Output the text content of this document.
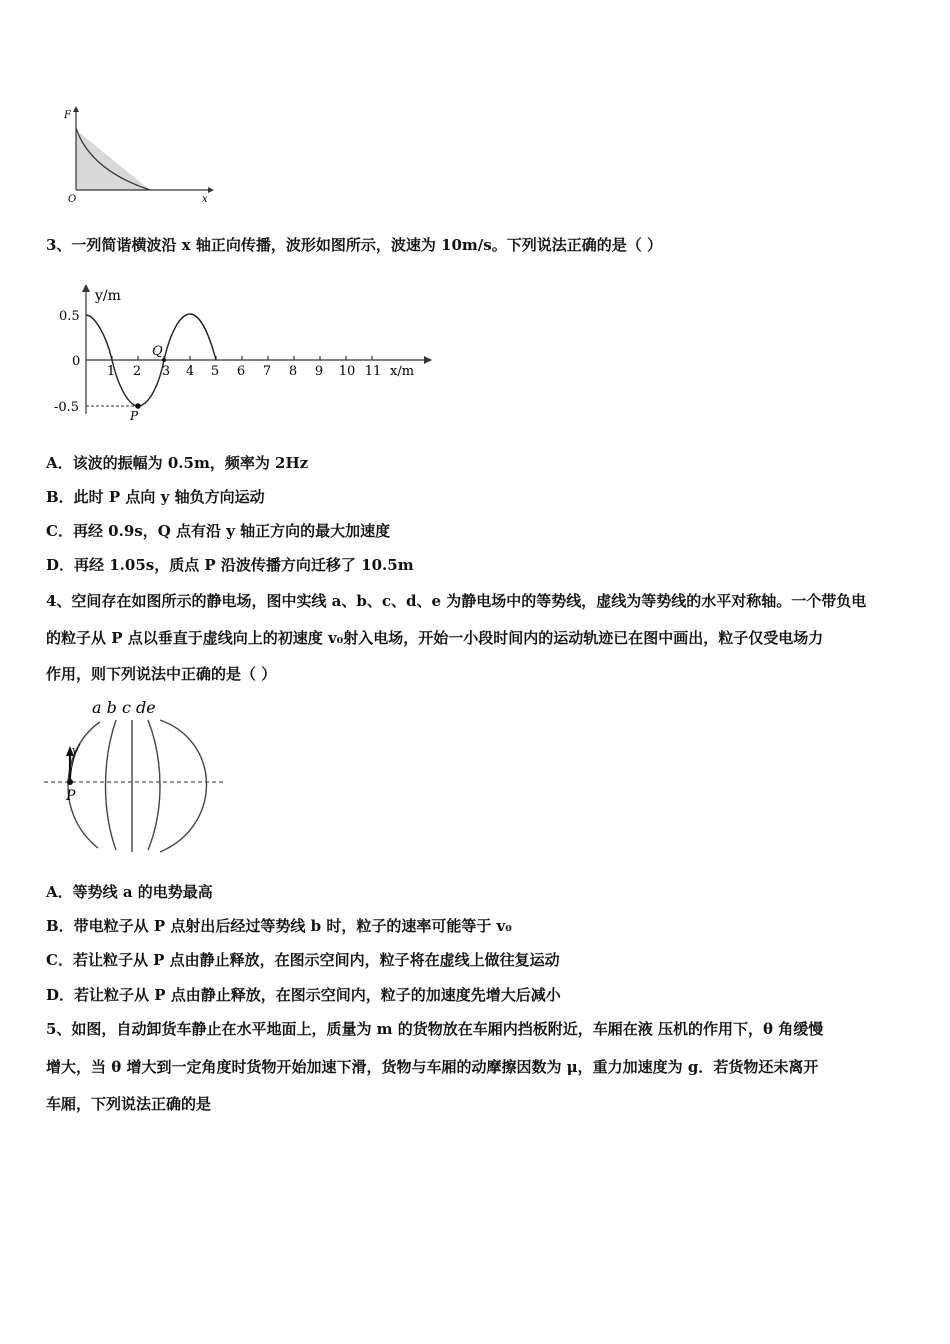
F
x
O
3、一列简谐横波沿 x 轴正向传播，波形如图所示，波速为 10m/s。下列说法正确的是（ ）
y/m
0.5
0
-0.5
1 2 3 4 5 6 7 8 9 10 11 x/m
Q
P
A．该波的振幅为 0.5m，频率为 2Hz
B．此时 P 点向 y 轴负方向运动
C．再经 0.9s，Q 点有沿 y 轴正方向的最大加速度
D．再经 1.05s，质点 P 沿波传播方向迁移了 10.5m
4、空间存在如图所示的静电场，图中实线 a、b、c、d、e 为静电场中的等势线，虚线为等势线的水平对称轴。一个带负电
的粒子从 P 点以垂直于虚线向上的初速度 v₀射入电场，开始一小段时间内的运动轨迹已在图中画出，粒子仅受电场力
作用，则下列说法中正确的是（ ）
a b c de
v
P
A．等势线 a 的电势最高
B．带电粒子从 P 点射出后经过等势线 b 时，粒子的速率可能等于 v₀
C．若让粒子从 P 点由静止释放，在图示空间内，粒子将在虚线上做往复运动
D．若让粒子从 P 点由静止释放，在图示空间内，粒子的加速度先增大后减小
5、如图，自动卸货车静止在水平地面上，质量为 m 的货物放在车厢内挡板附近，车厢在液 压机的作用下，θ 角缓慢
增大，当 θ 增大到一定角度时货物开始加速下滑，货物与车厢的动摩擦因数为 μ，重力加速度为 g．若货物还未离开
车厢，下列说法正确的是
